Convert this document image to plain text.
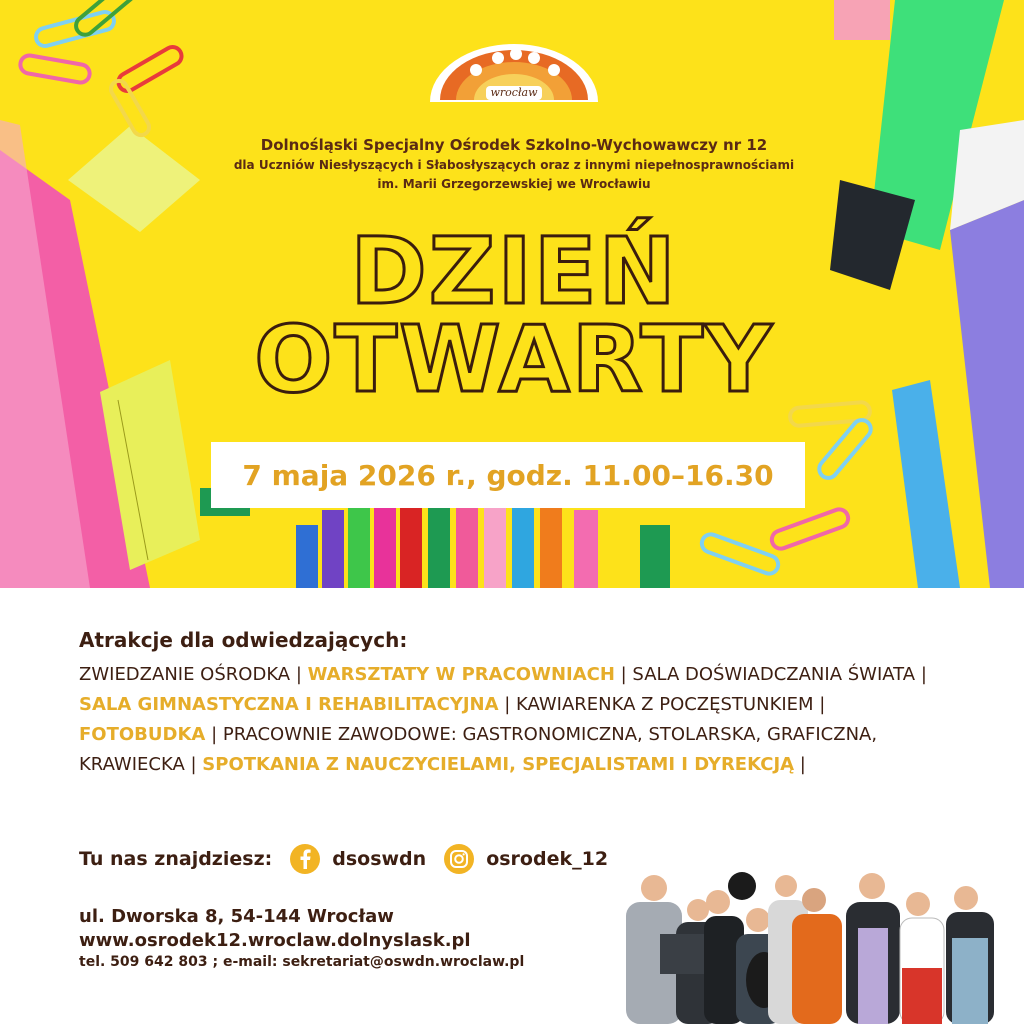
wrocław
Dolnośląski Specjalny Ośrodek Szkolno-Wychowawczy nr 12
dla Uczniów Niesłyszących i Słabosłyszących oraz z innymi niepełnosprawnościami
im. Marii Grzegorzewskiej we Wrocławiu
DZIEŃ
OTWARTY
7 maja 2026 r., godz. 11.00–16.30
Atrakcje dla odwiedzających:
ZWIEDZANIE OŚRODKA | WARSZTATY W PRACOWNIACH | SALA DOŚWIADCZANIA ŚWIATA | SALA GIMNASTYCZNA I REHABILITACYJNA | KAWIARENKA Z POCZĘSTUNKIEM | FOTOBUDKA | PRACOWNIE ZAWODOWE: GASTRONOMICZNA, STOLARSKA, GRAFICZNA, KRAWIECKA | SPOTKANIA Z NAUCZYCIELAMI, SPECJALISTAMI I DYREKCJĄ |
Tu nas znajdziesz:	dsoswdn	osrodek_12
ul. Dworska 8, 54-144 Wrocław
www.osrodek12.wroclaw.dolnyslask.pl
tel. 509 642 803 ; e-mail: sekretariat@oswdn.wroclaw.pl
